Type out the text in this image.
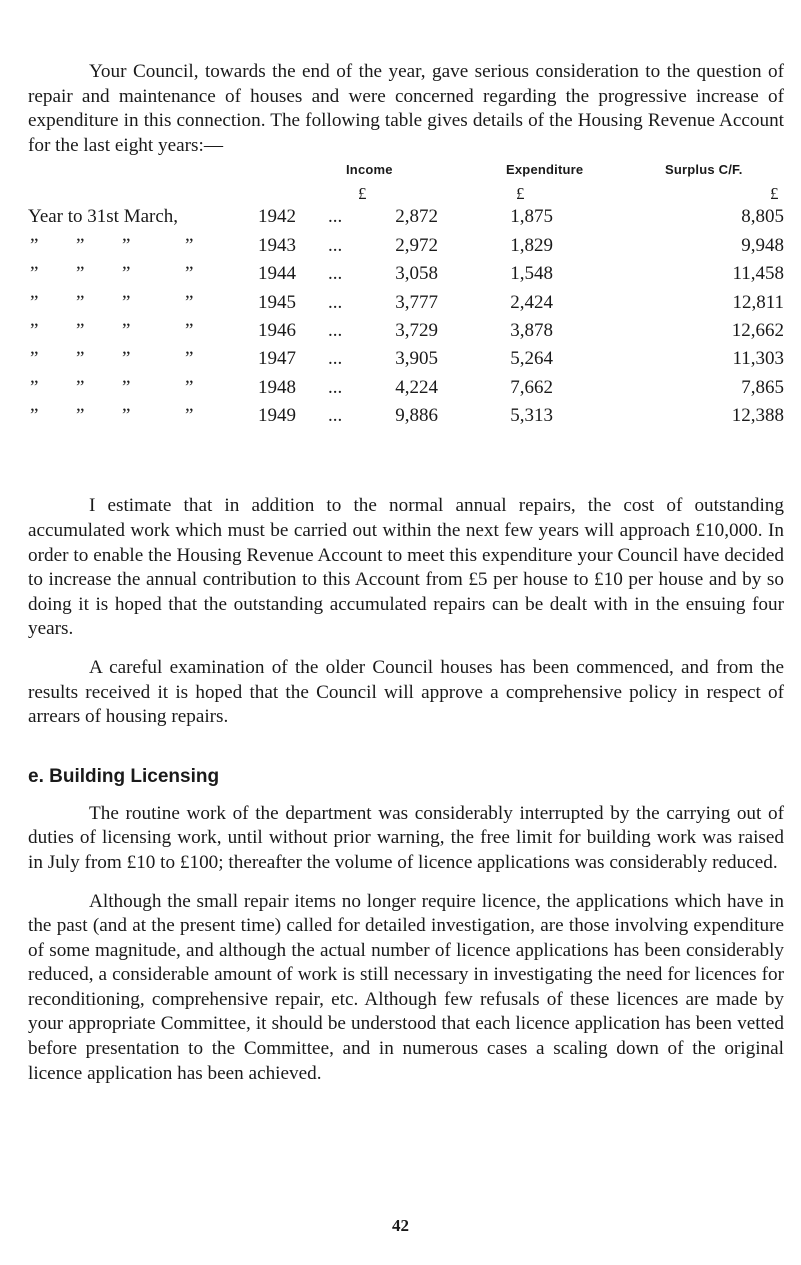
Your Council, towards the end of the year, gave serious consideration to the question of repair and maintenance of houses and were concerned regarding the progressive increase of expenditure in this connection. The following table gives details of the Housing Revenue Account for the last eight years:—

Income	Expenditure	Surplus C/F.
£	£	£
Year to 31st March,	1942 ...	2,872	1,875	8,805
” ” ”	”	1943 ...	2,972	1,829	9,948
” ” ”	”	1944 ...	3,058	1,548	11,458
” ” ”	”	1945 ...	3,777	2,424	12,811
” ” ”	”	1946 ...	3,729	3,878	12,662
” ” ”	”	1947 ...	3,905	5,264	11,303
” ” ”	”	1948 ...	4,224	7,662	7,865
” ” ”	”	1949 ...	9,886	5,313	12,388

I estimate that in addition to the normal annual repairs, the cost of outstanding accumulated work which must be carried out within the next few years will approach £10,000. In order to enable the Housing Revenue Account to meet this expenditure your Council have decided to increase the annual contribution to this Account from £5 per house to £10 per house and by so doing it is hoped that the outstanding accumulated repairs can be dealt with in the ensuing four years.

A careful examination of the older Council houses has been commenced, and from the results received it is hoped that the Council will approve a comprehensive policy in respect of arrears of housing repairs.

e. Building Licensing

The routine work of the department was considerably interrupted by the carrying out of duties of licensing work, until without prior warning, the free limit for building work was raised in July from £10 to £100; thereafter the volume of licence applications was considerably reduced.

Although the small repair items no longer require licence, the applications which have in the past (and at the present time) called for detailed investigation, are those involving expenditure of some magnitude, and although the actual number of licence applications has been considerably reduced, a considerable amount of work is still necessary in investigating the need for licences for reconditioning, comprehensive repair, etc. Although few refusals of these licences are made by your appropriate Committee, it should be understood that each licence application has been vetted before presentation to the Committee, and in numerous cases a scaling down of the original licence application has been achieved.

42
